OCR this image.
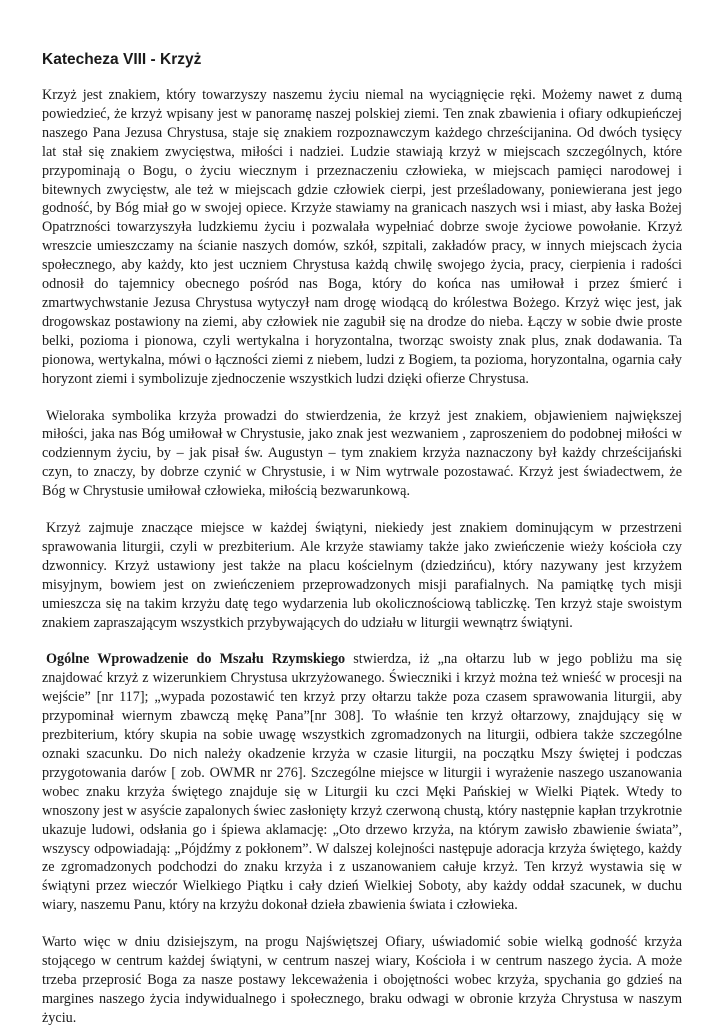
Katecheza VIII - Krzyż

Krzyż jest znakiem, który towarzyszy naszemu życiu niemal na wyciągnięcie ręki. Możemy nawet z dumą powiedzieć, że krzyż wpisany jest w panoramę naszej polskiej ziemi. Ten znak zbawienia i ofiary odkupieńczej naszego Pana Jezusa Chrystusa, staje się znakiem rozpoznawczym każdego chrześcijanina. Od dwóch tysięcy lat stał się znakiem zwycięstwa, miłości i nadziei. Ludzie stawiają krzyż w miejscach szczególnych, które przypominają o Bogu, o życiu wiecznym i przeznaczeniu człowieka, w miejscach pamięci narodowej i bitewnych zwycięstw, ale też w miejscach gdzie człowiek cierpi, jest prześladowany, poniewierana jest jego godność, by Bóg miał go w swojej opiece. Krzyże stawiamy na granicach naszych wsi i miast, aby łaska Bożej Opatrzności towarzyszyła ludzkiemu życiu i pozwalała wypełniać dobrze swoje życiowe powołanie. Krzyż wreszcie umieszczamy na ścianie naszych domów, szkół, szpitali, zakładów pracy, w innych miejscach życia społecznego, aby każdy, kto jest uczniem Chrystusa każdą chwilę swojego życia, pracy, cierpienia i radości odnosił do tajemnicy obecnego pośród nas Boga, który do końca nas umiłował i przez śmierć i zmartwychwstanie Jezusa Chrystusa wytyczył nam drogę wiodącą do królestwa Bożego. Krzyż więc jest, jak drogowskaz postawiony na ziemi, aby człowiek nie zagubił się na drodze do nieba. Łączy w sobie dwie proste belki, pozioma i pionowa, czyli wertykalna i horyzontalna, tworząc swoisty znak plus, znak dodawania. Ta pionowa, wertykalna, mówi o łączności ziemi z niebem, ludzi z Bogiem, ta pozioma, horyzontalna, ogarnia cały horyzont ziemi i symbolizuje zjednoczenie wszystkich ludzi dzięki ofierze Chrystusa.

Wieloraka symbolika krzyża prowadzi do stwierdzenia, że krzyż jest znakiem, objawieniem największej miłości, jaka nas Bóg umiłował w Chrystusie, jako znak jest wezwaniem , zaproszeniem do podobnej miłości w codziennym życiu, by – jak pisał św. Augustyn – tym znakiem krzyża naznaczony był każdy chrześcijański czyn, to znaczy, by dobrze czynić w Chrystusie, i w Nim wytrwale pozostawać. Krzyż jest świadectwem, że Bóg w Chrystusie umiłował człowieka, miłością bezwarunkową.

Krzyż zajmuje znaczące miejsce w każdej świątyni, niekiedy jest znakiem dominującym w przestrzeni sprawowania liturgii, czyli w prezbiterium. Ale krzyże stawiamy także jako zwieńczenie wieży kościoła czy dzwonnicy. Krzyż ustawiony jest także na placu kościelnym (dziedzińcu), który nazywany jest krzyżem misyjnym, bowiem jest on zwieńczeniem przeprowadzonych misji parafialnych. Na pamiątkę tych misji umieszcza się na takim krzyżu datę tego wydarzenia lub okolicznościową tabliczkę. Ten krzyż staje swoistym znakiem zapraszającym wszystkich przybywających do udziału w liturgii wewnątrz świątyni.

Ogólne Wprowadzenie do Mszału Rzymskiego stwierdza, iż „na ołtarzu lub w jego pobliżu ma się znajdować krzyż z wizerunkiem Chrystusa ukrzyżowanego. Świeczniki i krzyż można też wnieść w procesji na wejście” [nr 117]; „wypada pozostawić ten krzyż przy ołtarzu także poza czasem sprawowania liturgii, aby przypominał wiernym zbawczą mękę Pana”[nr 308]. To właśnie ten krzyż ołtarzowy, znajdujący się w prezbiterium, który skupia na sobie uwagę wszystkich zgromadzonych na liturgii, odbiera także szczególne oznaki szacunku. Do nich należy okadzenie krzyża w czasie liturgii, na początku Mszy świętej i podczas przygotowania darów [ zob. OWMR nr 276]. Szczególne miejsce w liturgii i wyrażenie naszego uszanowania wobec znaku krzyża świętego znajduje się w Liturgii ku czci Męki Pańskiej w Wielki Piątek. Wtedy to wnoszony jest w asyście zapalonych świec zasłonięty krzyż czerwoną chustą, który następnie kapłan trzykrotnie ukazuje ludowi, odsłania go i śpiewa aklamację: „Oto drzewo krzyża, na którym zawisło zbawienie świata”, wszyscy odpowiadają: „Pójdźmy z pokłonem”. W dalszej kolejności następuje adoracja krzyża świętego, każdy ze zgromadzonych podchodzi do znaku krzyża i z uszanowaniem całuje krzyż. Ten krzyż wystawia się w świątyni przez wieczór Wielkiego Piątku i cały dzień Wielkiej Soboty, aby każdy oddał szacunek, w duchu wiary, naszemu Panu, który na krzyżu dokonał dzieła zbawienia świata i człowieka.

Warto więc w dniu dzisiejszym, na progu Najświętszej Ofiary, uświadomić sobie wielką godność krzyża stojącego w centrum każdej świątyni, w centrum naszej wiary, Kościoła i w centrum naszego życia. A może trzeba przeprosić Boga za nasze postawy lekceważenia i obojętności wobec krzyża, spychania go gdzieś na margines naszego życia indywidualnego i społecznego, braku odwagi w obronie krzyża Chrystusa w naszym życiu.
